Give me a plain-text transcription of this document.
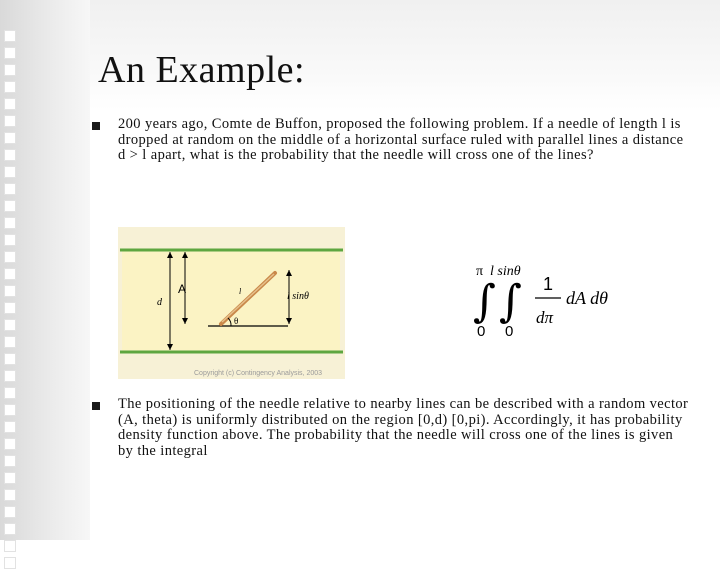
An Example:
200 years ago, Comte de Buffon, proposed the following problem. If a needle of length l is dropped at random on the middle of a horizontal surface ruled with parallel lines a distance d > l apart, what is the probability that the needle will cross one of the lines?
d
A	l	l sinθ
θ
Copyright (c) Contingency Analysis, 2003
π l sinθ
∫ ∫
0 0
1
dπ
dA dθ
The positioning of the needle relative to nearby lines can be described with a random vector (A, theta) is uniformly distributed on the region [0,d) [0,pi). Accordingly, it has probability density function above. The probability that the needle will cross one of the lines is given by the integral
